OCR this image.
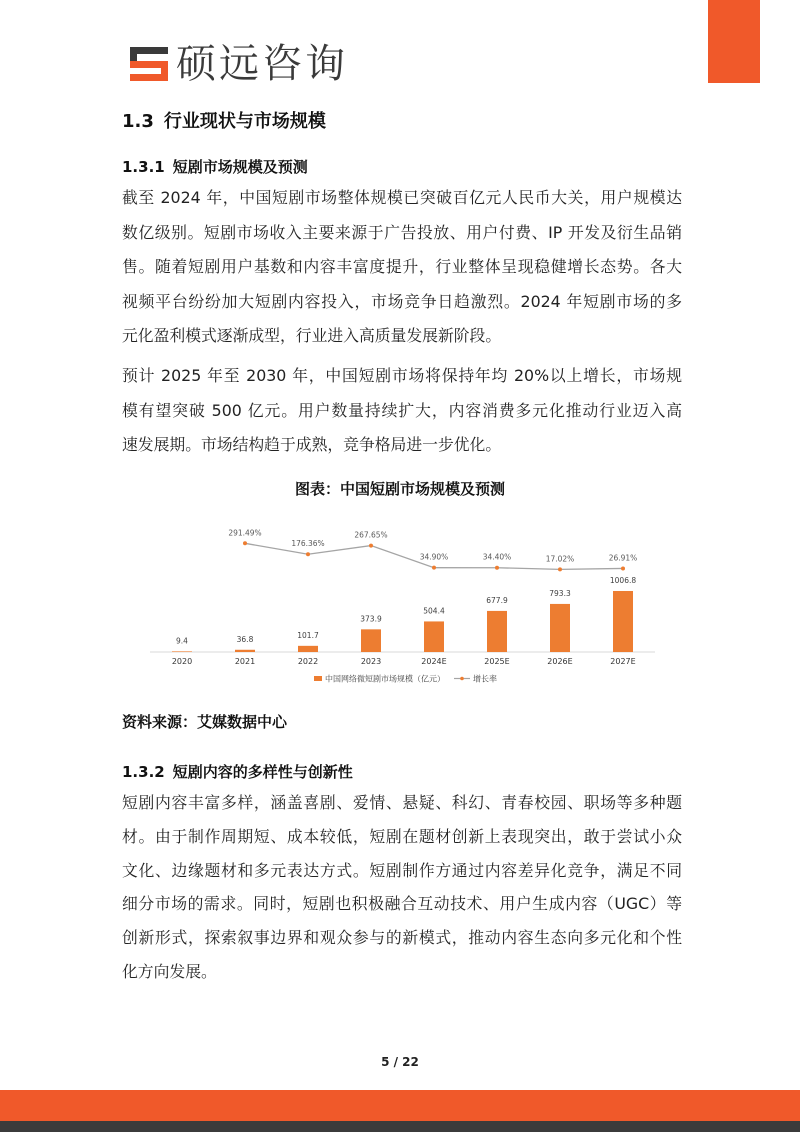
硕远咨询
1.3 行业现状与市场规模
1.3.1 短剧市场规模及预测
截至 2024 年，中国短剧市场整体规模已突破百亿元人民币大关，用户规模达
数亿级别。短剧市场收入主要来源于广告投放、用户付费、IP 开发及衍生品销
售。随着短剧用户基数和内容丰富度提升，行业整体呈现稳健增长态势。各大
视频平台纷纷加大短剧内容投入，市场竞争日趋激烈。2024 年短剧市场的多
元化盈利模式逐渐成型，行业进入高质量发展新阶段。
预计 2025 年至 2030 年，中国短剧市场将保持年均 20%以上增长，市场规
模有望突破 500 亿元。用户数量持续扩大，内容消费多元化推动行业迈入高
速发展期。市场结构趋于成熟，竞争格局进一步优化。
图表：中国短剧市场规模及预测
9.4
2020
36.8
2021
101.7
2022
373.9
2023
504.4
2024E
677.9
2025E
793.3
2026E
1006.8
2027E
291.49%
176.36%
267.65%
34.90%	34.40%	17.02%	26.91%
中国网络微短剧市场规模（亿元）	增长率
资料来源：艾媒数据中心
1.3.2 短剧内容的多样性与创新性
短剧内容丰富多样，涵盖喜剧、爱情、悬疑、科幻、青春校园、职场等多种题
材。由于制作周期短、成本较低，短剧在题材创新上表现突出，敢于尝试小众
文化、边缘题材和多元表达方式。短剧制作方通过内容差异化竞争，满足不同
细分市场的需求。同时，短剧也积极融合互动技术、用户生成内容（UGC）等
创新形式，探索叙事边界和观众参与的新模式，推动内容生态向多元化和个性
化方向发展。
5 / 22
